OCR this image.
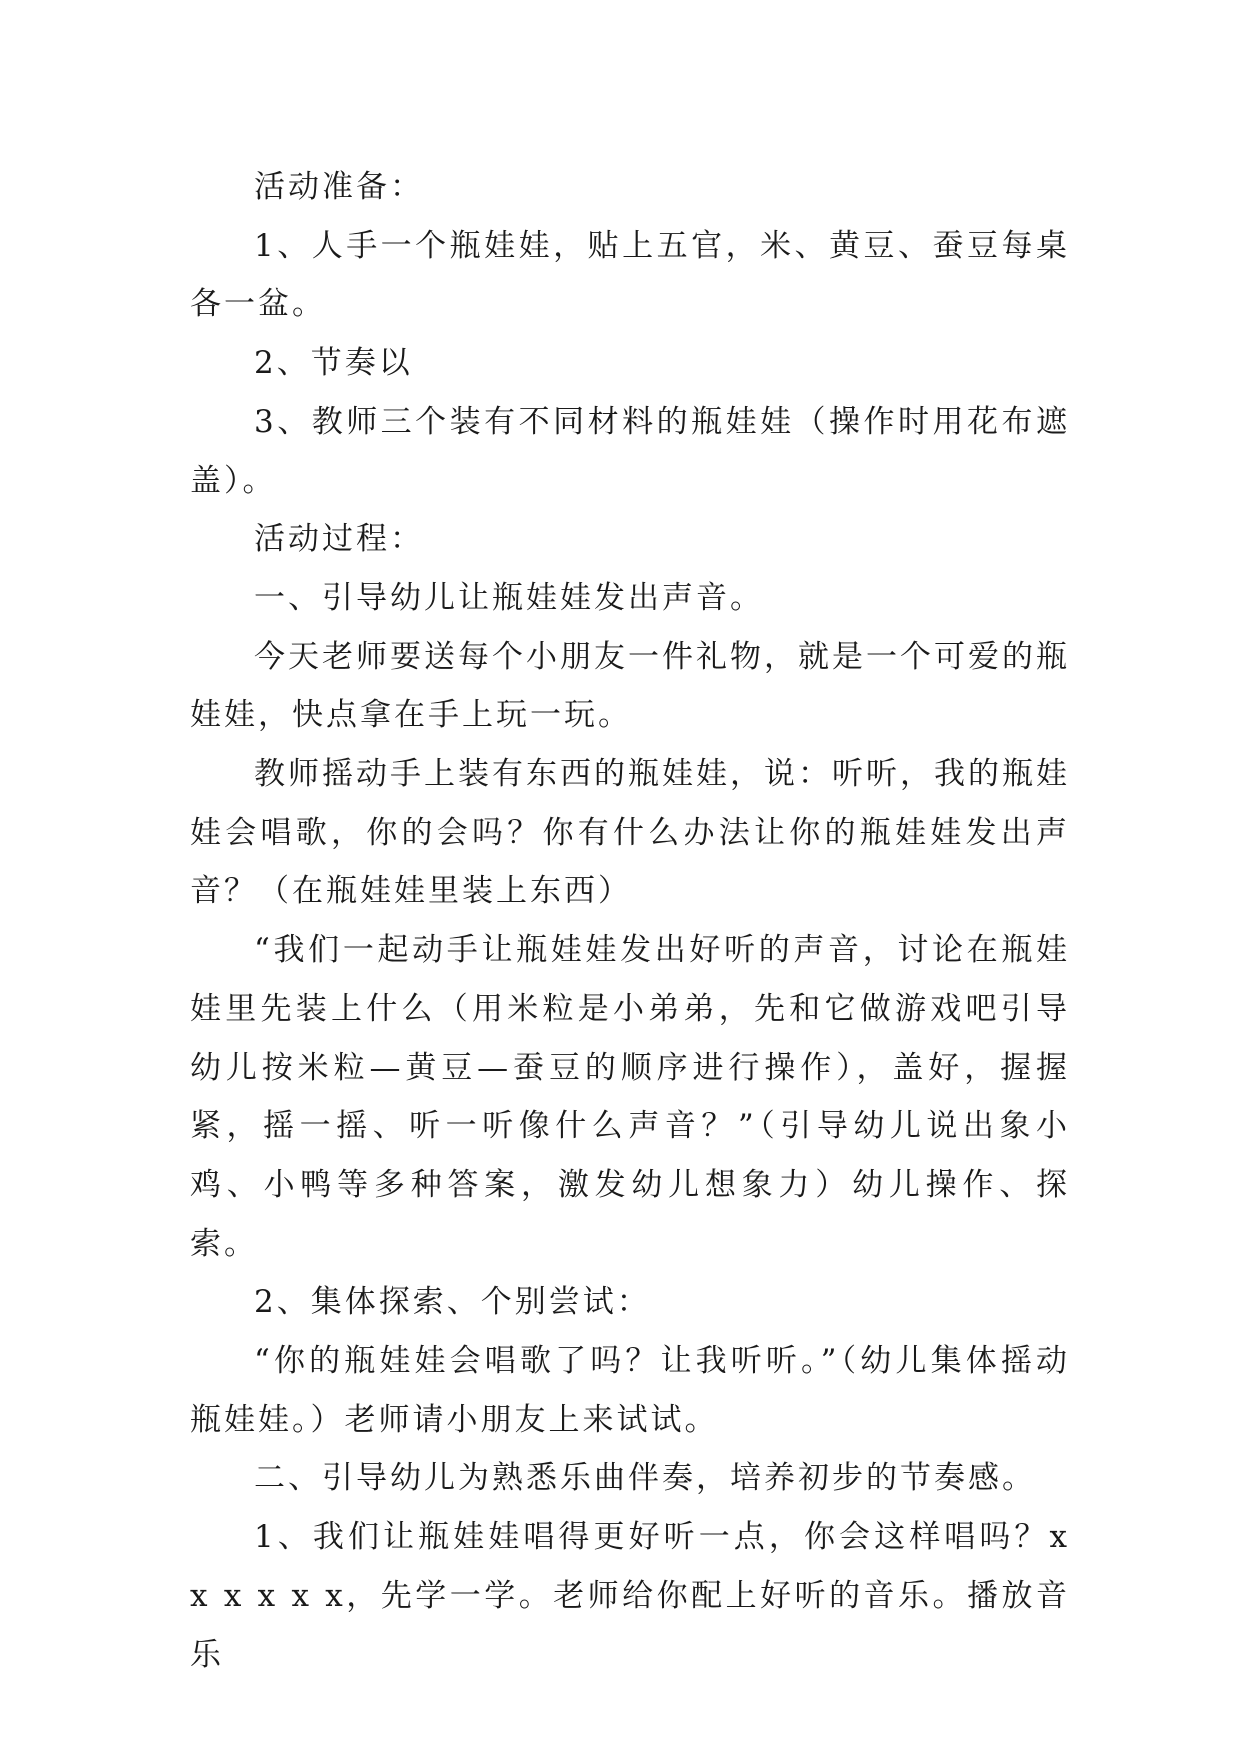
活动准备：

1、人手一个瓶娃娃，贴上五官，米、黄豆、蚕豆每桌各一盆。

2、节奏以

3、教师三个装有不同材料的瓶娃娃（操作时用花布遮盖）。

活动过程：

一、引导幼儿让瓶娃娃发出声音。

今天老师要送每个小朋友一件礼物，就是一个可爱的瓶娃娃，快点拿在手上玩一玩。

教师摇动手上装有东西的瓶娃娃，说：听听，我的瓶娃娃会唱歌，你的会吗？你有什么办法让你的瓶娃娃发出声音？（在瓶娃娃里装上东西）

“我们一起动手让瓶娃娃发出好听的声音，讨论在瓶娃娃里先装上什么（用米粒是小弟弟，先和它做游戏吧引导幼儿按米粒—黄豆—蚕豆的顺序进行操作），盖好，握握紧，摇一摇、听一听像什么声音？”（引导幼儿说出象小鸡、小鸭等多种答案，激发幼儿想象力）幼儿操作、探索。

2、集体探索、个别尝试：

“你的瓶娃娃会唱歌了吗？让我听听。”（幼儿集体摇动瓶娃娃。）老师请小朋友上来试试。

二、引导幼儿为熟悉乐曲伴奏，培养初步的节奏感。

1、我们让瓶娃娃唱得更好听一点，你会这样唱吗？x x x x x x，先学一学。老师给你配上好听的音乐。播放音乐
